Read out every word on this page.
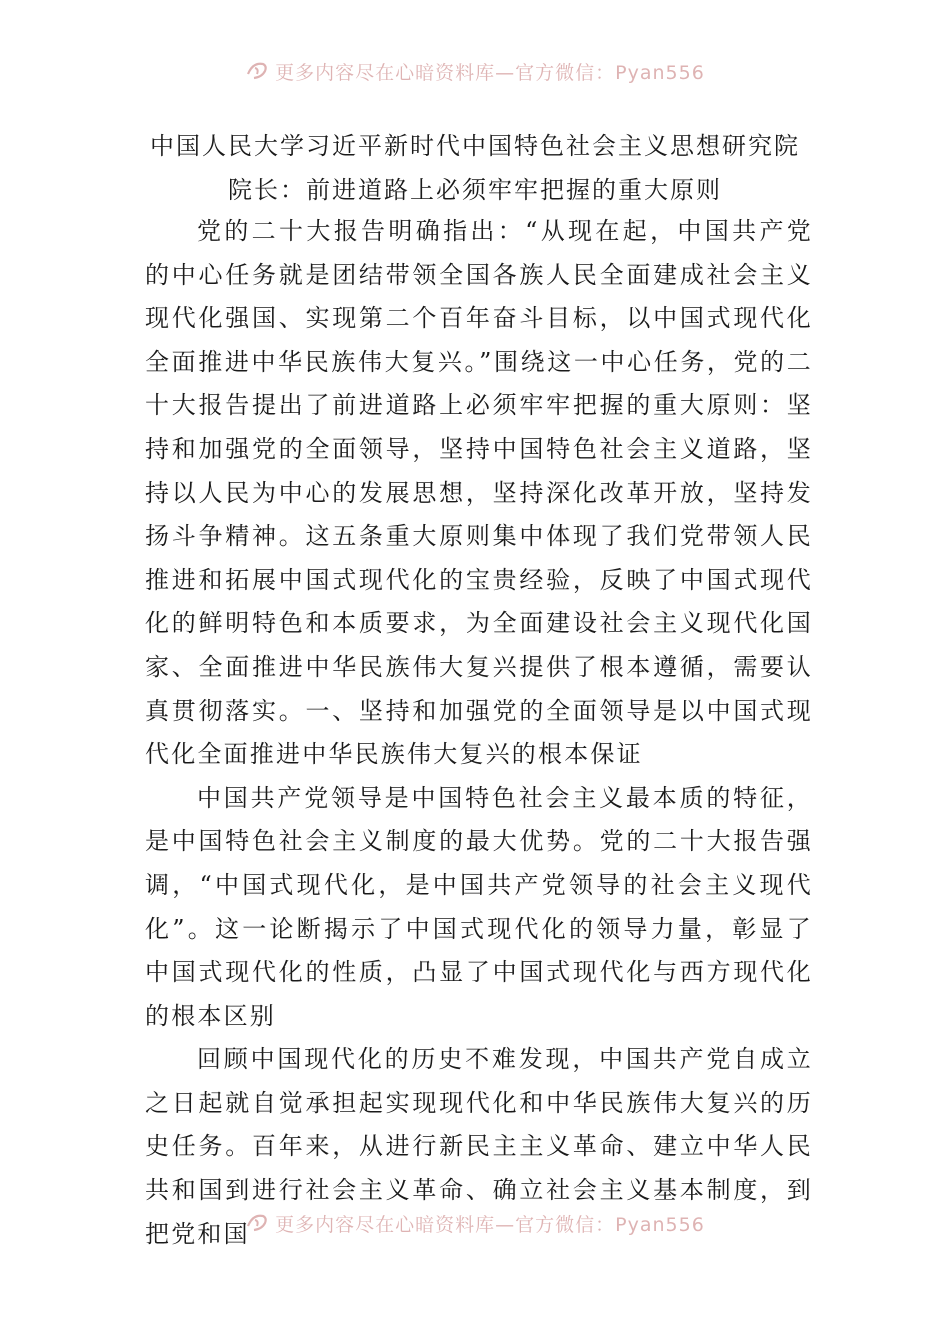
更多内容尽在心暗资料库—官方微信：Pyan556
中国人民大学习近平新时代中国特色社会主义思想研究院
院长：前进道路上必须牢牢把握的重大原则

党的二十大报告明确指出：“从现在起，中国共产党的中心任务就是团结带领全国各族人民全面建成社会主义现代化强国、实现第二个百年奋斗目标，以中国式现代化全面推进中华民族伟大复兴。”围绕这一中心任务，党的二十大报告提出了前进道路上必须牢牢把握的重大原则：坚持和加强党的全面领导，坚持中国特色社会主义道路，坚持以人民为中心的发展思想，坚持深化改革开放，坚持发扬斗争精神。这五条重大原则集中体现了我们党带领人民推进和拓展中国式现代化的宝贵经验，反映了中国式现代化的鲜明特色和本质要求，为全面建设社会主义现代化国家、全面推进中华民族伟大复兴提供了根本遵循，需要认真贯彻落实。一、坚持和加强党的全面领导是以中国式现代化全面推进中华民族伟大复兴的根本保证

中国共产党领导是中国特色社会主义最本质的特征，是中国特色社会主义制度的最大优势。党的二十大报告强调，“中国式现代化，是中国共产党领导的社会主义现代化”。这一论断揭示了中国式现代化的领导力量，彰显了中国式现代化的性质，凸显了中国式现代化与西方现代化的根本区别

回顾中国现代化的历史不难发现，中国共产党自成立之日起就自觉承担起实现现代化和中华民族伟大复兴的历史任务。百年来，从进行新民主主义革命、建立中华人民共和国到进行社会主义革命、确立社会主义基本制度，到把党和国	更多内容尽在心暗资料库—官方微信：Pyan556
